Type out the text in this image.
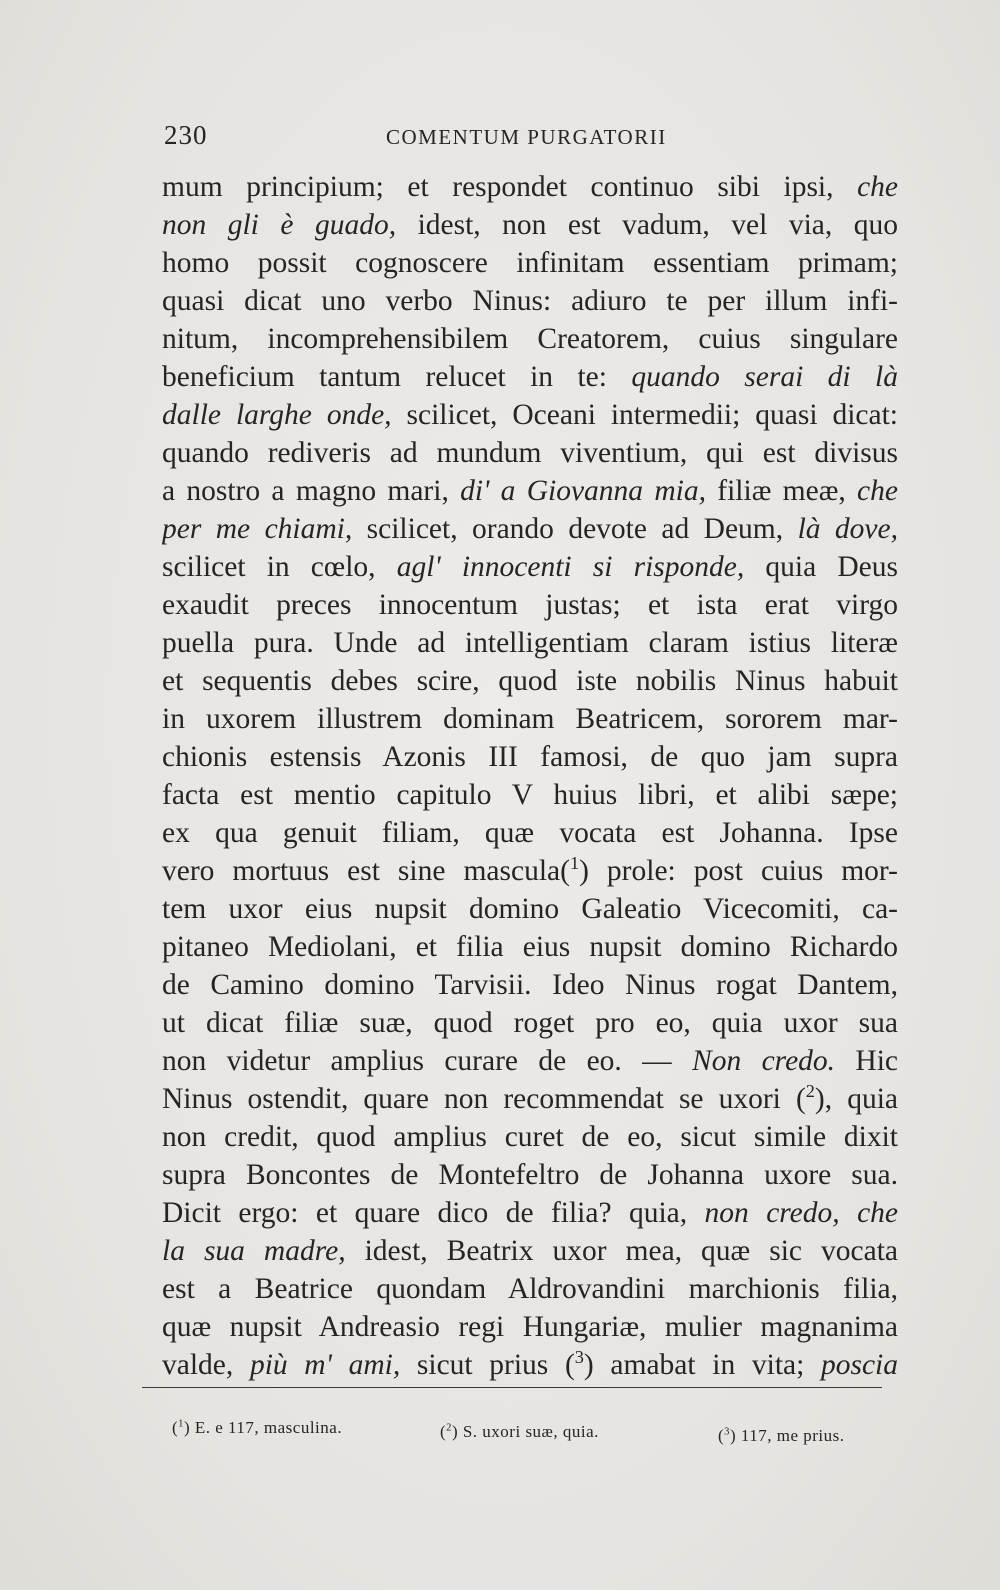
230	COMENTUM PURGATORII
mum principium; et respondet continuo sibi ipsi, che
non gli è guado, idest, non est vadum, vel via, quo
homo possit cognoscere infinitam essentiam primam;
quasi dicat uno verbo Ninus: adiuro te per illum infi-
nitum, incomprehensibilem Creatorem, cuius singulare
beneficium tantum relucet in te: quando serai di là
dalle larghe onde, scilicet, Oceani intermedii; quasi dicat:
quando rediveris ad mundum viventium, qui est divisus
a nostro a magno mari, di' a Giovanna mia, filiæ meæ, che
per me chiami, scilicet, orando devote ad Deum, là dove,
scilicet in cœlo, agl' innocenti si risponde, quia Deus
exaudit preces innocentum justas; et ista erat virgo
puella pura. Unde ad intelligentiam claram istius literæ
et sequentis debes scire, quod iste nobilis Ninus habuit
in uxorem illustrem dominam Beatricem, sororem mar-
chionis estensis Azonis III famosi, de quo jam supra
facta est mentio capitulo V huius libri, et alibi sæpe;
ex qua genuit filiam, quæ vocata est Johanna. Ipse
vero mortuus est sine mascula($^1$) prole: post cuius mor-
tem uxor eius nupsit domino Galeatio Vicecomiti, ca-
pitaneo Mediolani, et filia eius nupsit domino Richardo
de Camino domino Tarvisii. Ideo Ninus rogat Dantem,
ut dicat filiæ suæ, quod roget pro eo, quia uxor sua
non videtur amplius curare de eo. — Non credo. Hic
Ninus ostendit, quare non recommendat se uxori ($^2$), quia
non credit, quod amplius curet de eo, sicut simile dixit
supra Boncontes de Montefeltro de Johanna uxore sua.
Dicit ergo: et quare dico de filia? quia, non credo, che
la sua madre, idest, Beatrix uxor mea, quæ sic vocata
est a Beatrice quondam Aldrovandini marchionis filia,
quæ nupsit Andreasio regi Hungariæ, mulier magnanima
valde, più m' ami, sicut prius ($^3$) amabat in vita; poscia
($^1$) E. e 117, masculina.	($^2$) S. uxori suæ, quia.	($^3$) 117, me prius.
